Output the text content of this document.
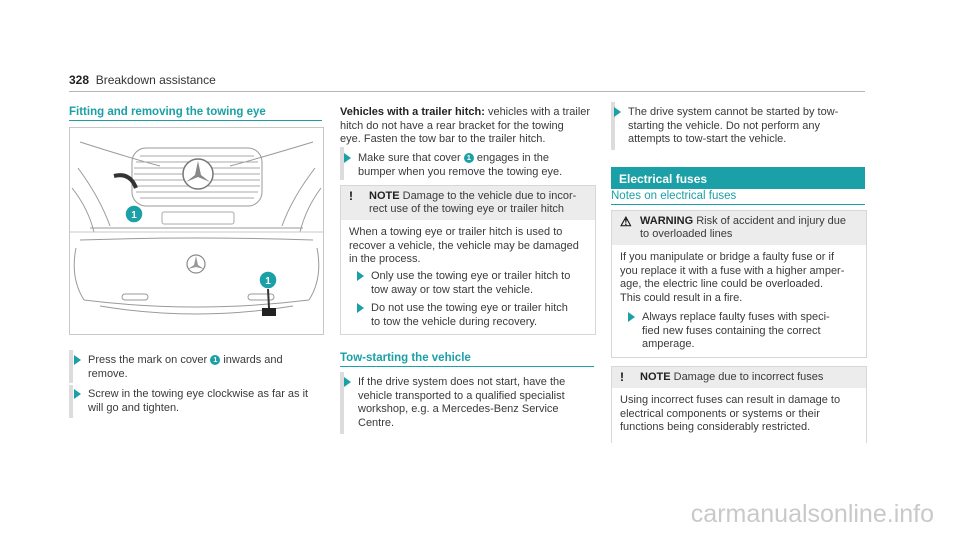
328 Breakdown assistance
Fitting and removing the towing eye
1
1
Press the mark on cover 1 inwards and
remove.
Screw in the towing eye clockwise as far as it
will go and tighten.
Vehicles with a trailer hitch: vehicles with a trailer
hitch do not have a rear bracket for the towing
eye. Fasten the tow bar to the trailer hitch.
Make sure that cover 1 engages in the
bumper when you remove the towing eye.
! NOTE Damage to the vehicle due to incor-
rect use of the towing eye or trailer hitch
When a towing eye or trailer hitch is used to
recover a vehicle, the vehicle may be damaged
in the process.
Only use the towing eye or trailer hitch to
tow away or tow start the vehicle.
Do not use the towing eye or trailer hitch
to tow the vehicle during recovery.
Tow-starting the vehicle
If the drive system does not start, have the
vehicle transported to a qualified specialist
workshop, e.g. a Mercedes-Benz Service
Centre.
The drive system cannot be started by tow-
starting the vehicle. Do not perform any
attempts to tow-start the vehicle.
Electrical fuses
Notes on electrical fuses
⚠ WARNING Risk of accident and injury due
to overloaded lines
If you manipulate or bridge a faulty fuse or if
you replace it with a fuse with a higher amper-
age, the electric line could be overloaded.
This could result in a fire.
Always replace faulty fuses with speci-
fied new fuses containing the correct
amperage.
! NOTE Damage due to incorrect fuses
Using incorrect fuses can result in damage to
electrical components or systems or their
functions being considerably restricted.
carmanualsonline.info
